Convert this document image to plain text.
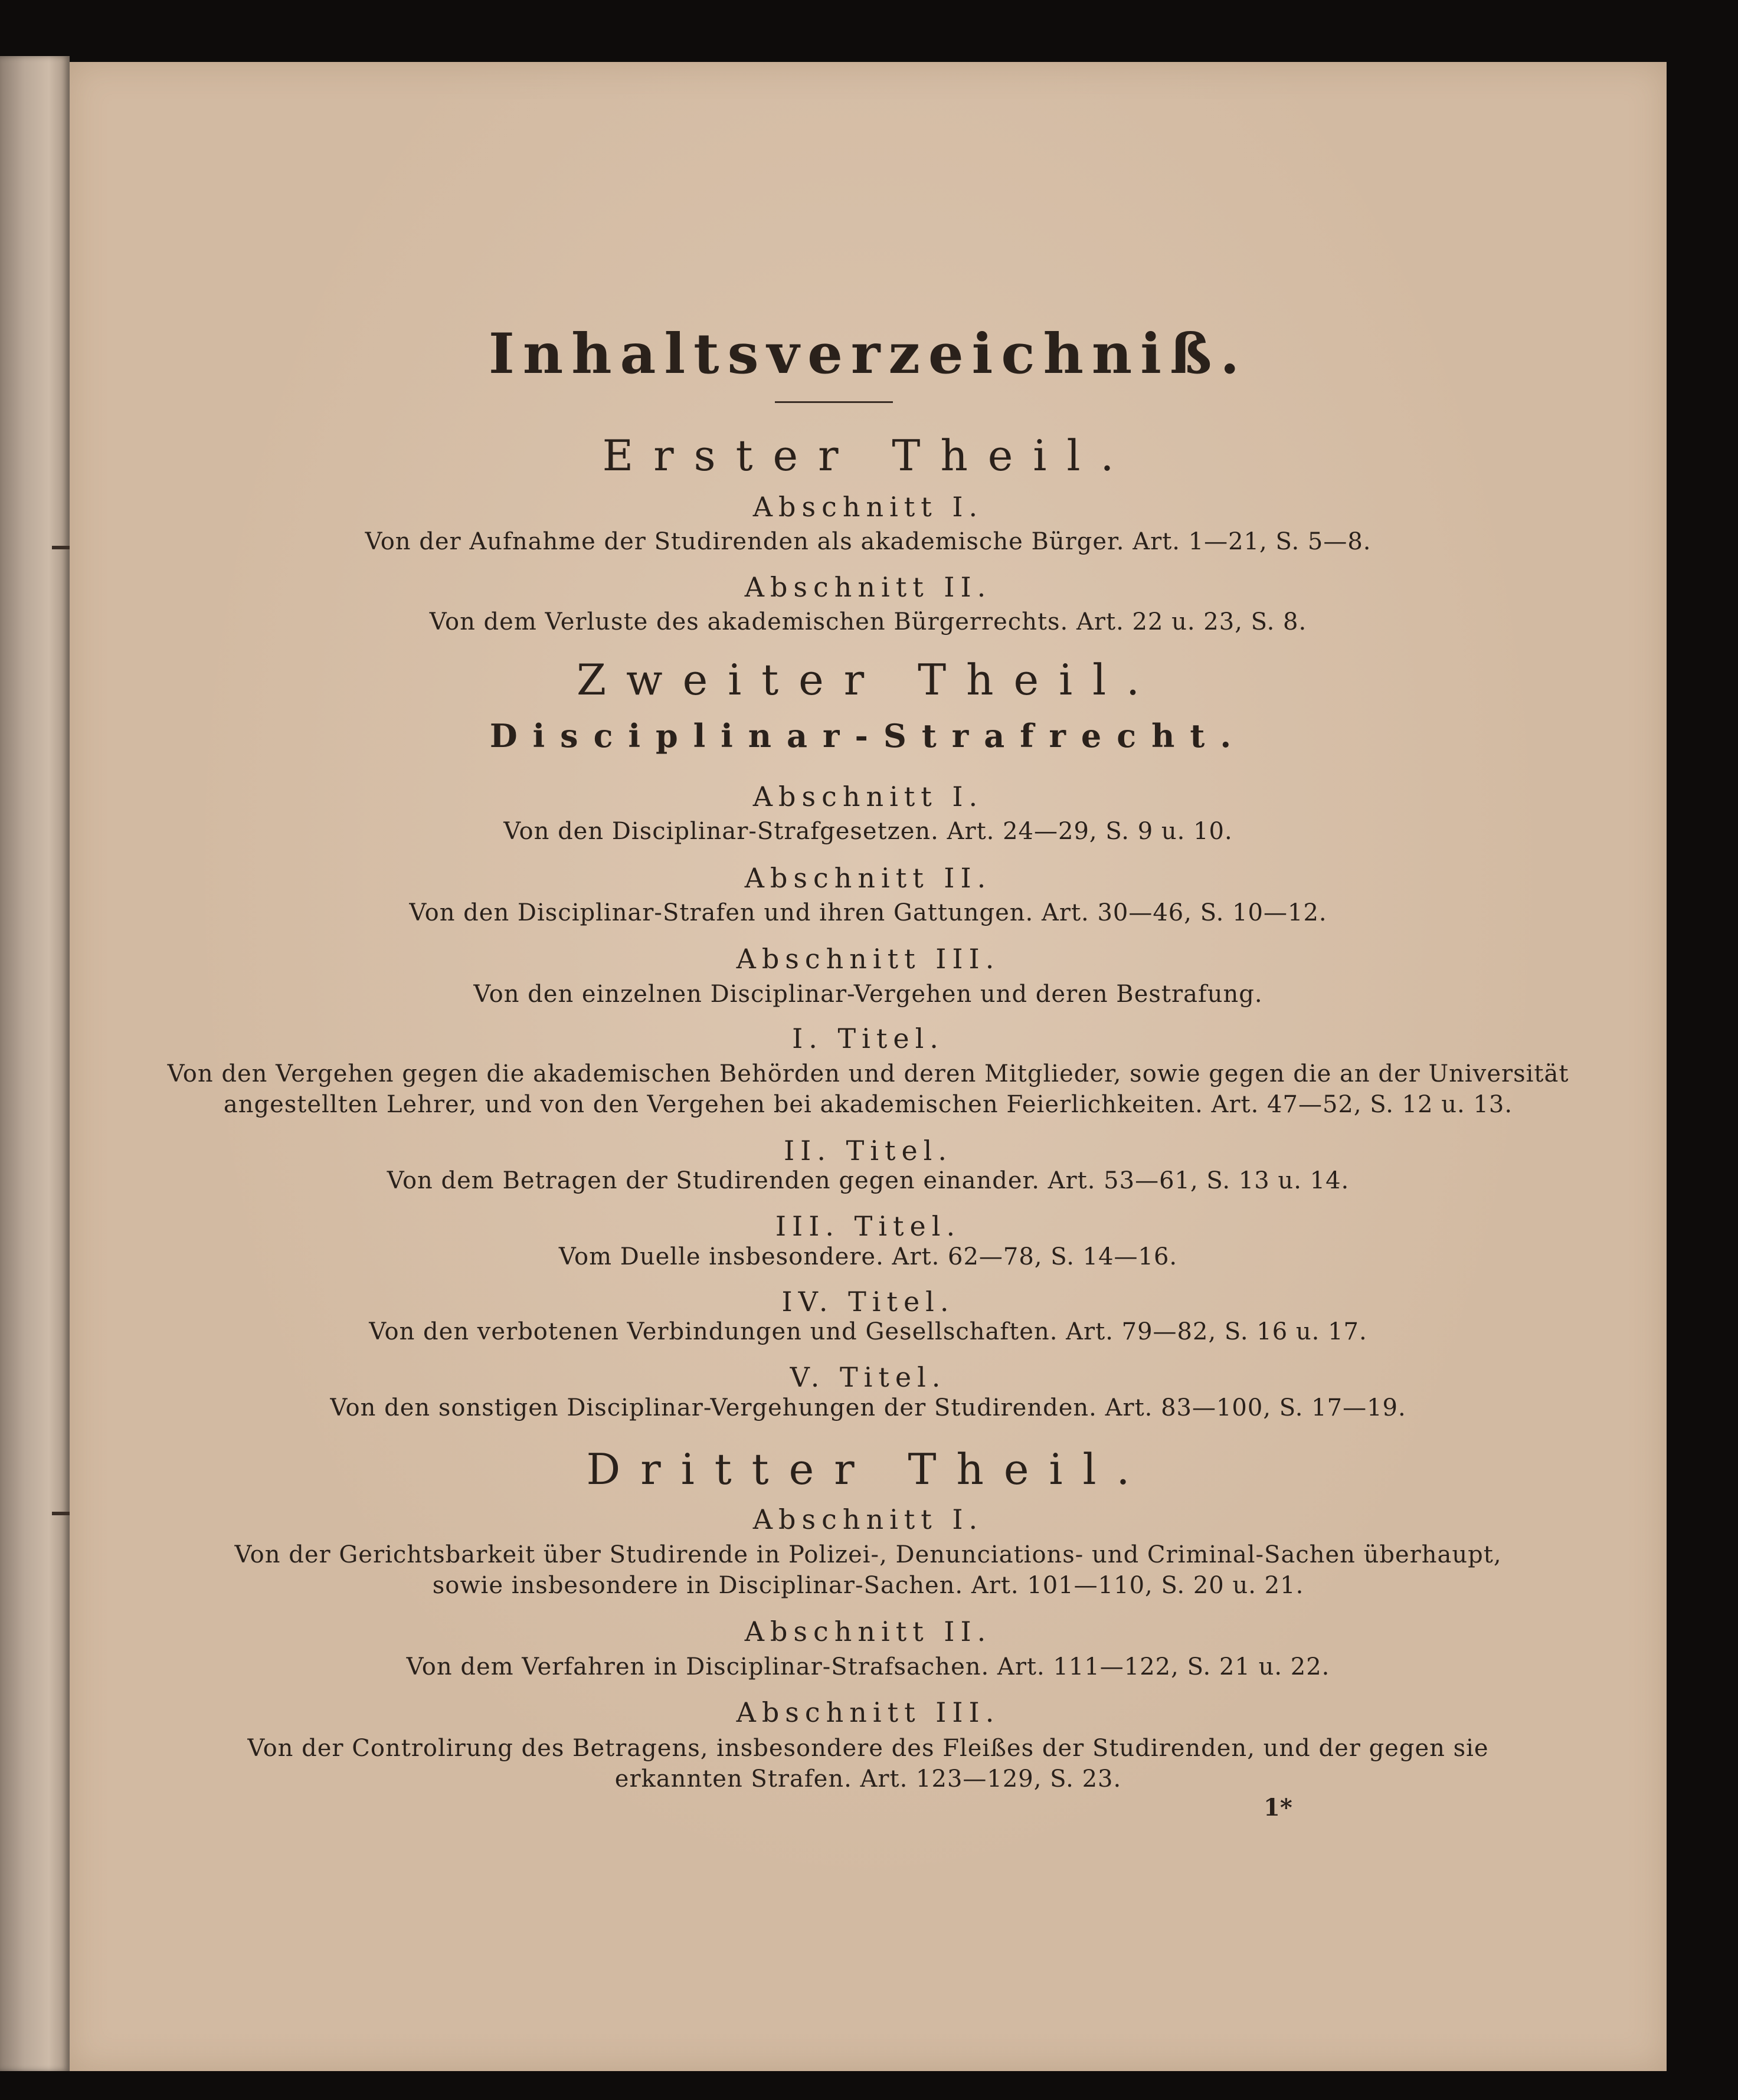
Inhaltsverzeichniß.
Erster Theil.
Abschnitt I.
Von der Aufnahme der Studirenden als akademische Bürger. Art. 1—21, S. 5—8.
Abschnitt II.
Von dem Verluste des akademischen Bürgerrechts. Art. 22 u. 23, S. 8.
Zweiter Theil.
Disciplinar-Strafrecht.
Abschnitt I.
Von den Disciplinar-Strafgesetzen. Art. 24—29, S. 9 u. 10.
Abschnitt II.
Von den Disciplinar-Strafen und ihren Gattungen. Art. 30—46, S. 10—12.
Abschnitt III.
Von den einzelnen Disciplinar-Vergehen und deren Bestrafung.
I. Titel.
Von den Vergehen gegen die akademischen Behörden und deren Mitglieder, sowie gegen die an der Universität
angestellten Lehrer, und von den Vergehen bei akademischen Feierlichkeiten. Art. 47—52, S. 12 u. 13.
II. Titel.
Von dem Betragen der Studirenden gegen einander. Art. 53—61, S. 13 u. 14.
III. Titel.
Vom Duelle insbesondere. Art. 62—78, S. 14—16.
IV. Titel.
Von den verbotenen Verbindungen und Gesellschaften. Art. 79—82, S. 16 u. 17.
V. Titel.
Von den sonstigen Disciplinar-Vergehungen der Studirenden. Art. 83—100, S. 17—19.
Dritter Theil.
Abschnitt I.
Von der Gerichtsbarkeit über Studirende in Polizei-, Denunciations- und Criminal-Sachen überhaupt,
sowie insbesondere in Disciplinar-Sachen. Art. 101—110, S. 20 u. 21.
Abschnitt II.
Von dem Verfahren in Disciplinar-Strafsachen. Art. 111—122, S. 21 u. 22.
Abschnitt III.
Von der Controlirung des Betragens, insbesondere des Fleißes der Studirenden, und der gegen sie
erkannten Strafen. Art. 123—129, S. 23.
1*
